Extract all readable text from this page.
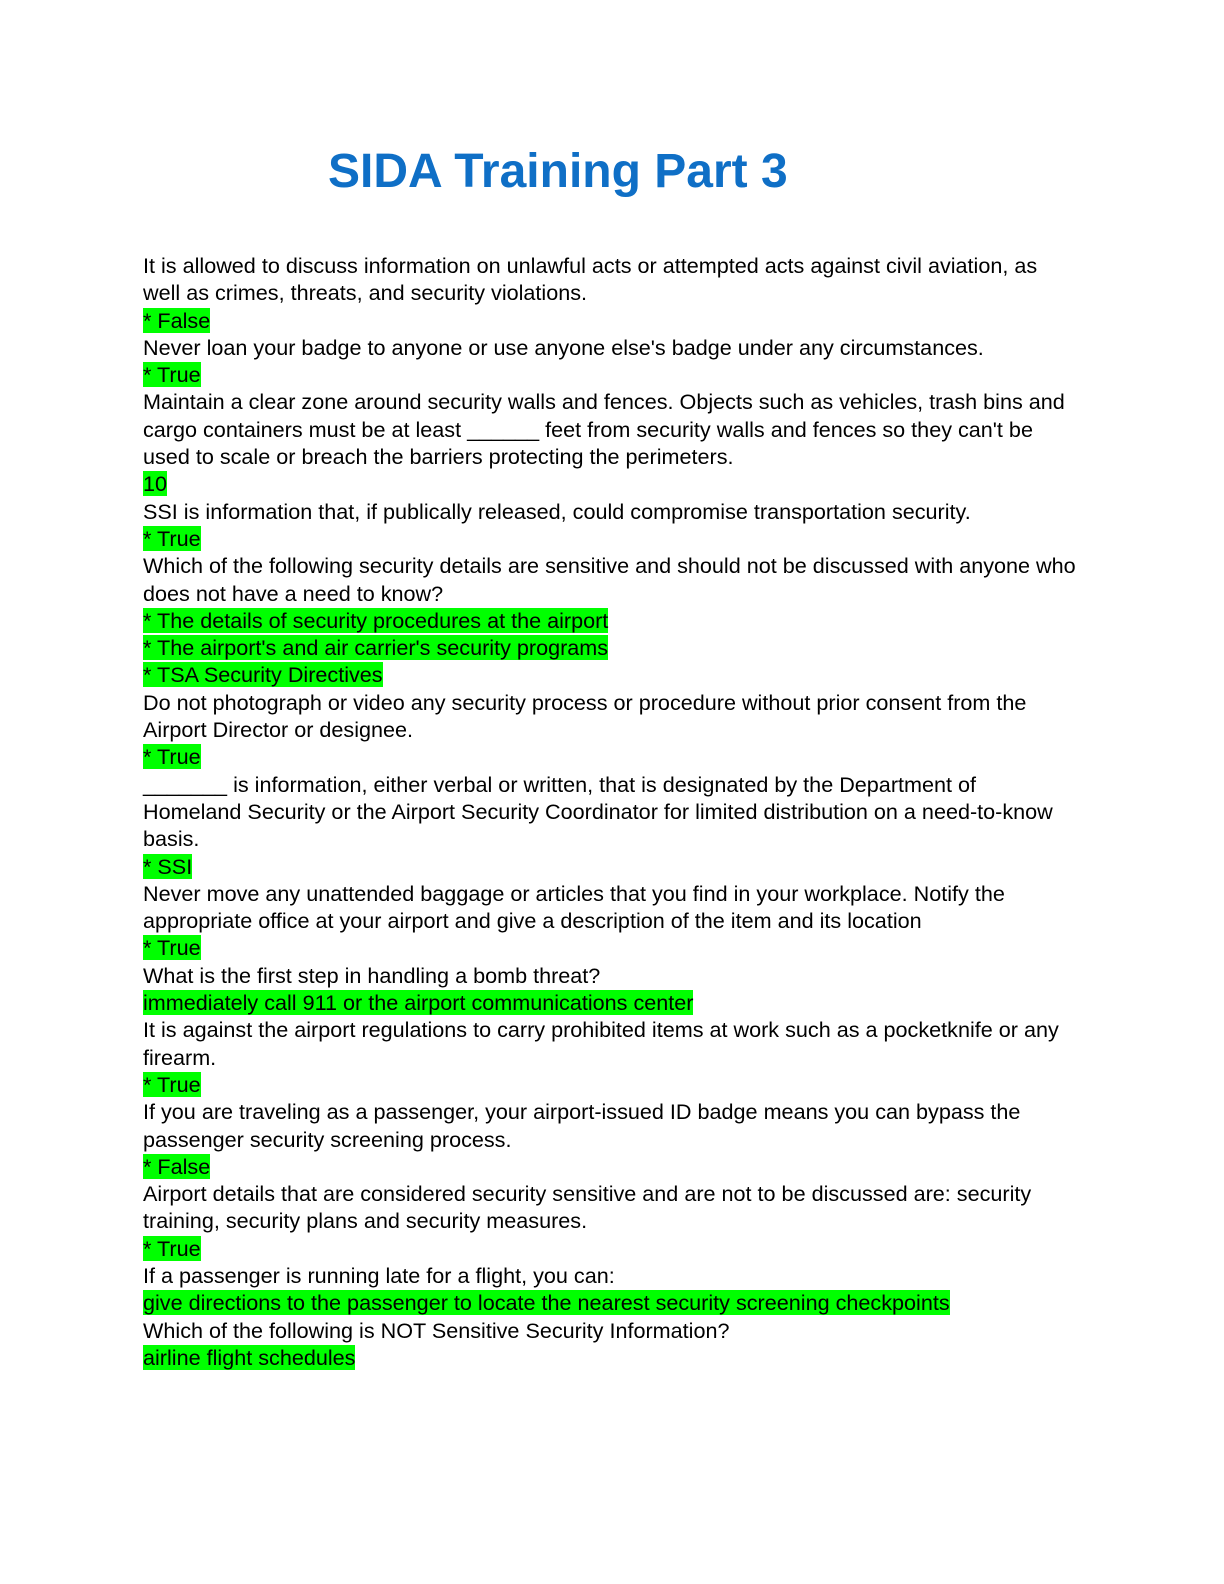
SIDA Training Part 3

It is allowed to discuss information on unlawful acts or attempted acts against civil aviation, as well as crimes, threats, and security violations.

* False

Never loan your badge to anyone or use anyone else's badge under any circumstances.

* True

Maintain a clear zone around security walls and fences. Objects such as vehicles, trash bins and cargo containers must be at least ______ feet from security walls and fences so they can't be used to scale or breach the barriers protecting the perimeters.

10

SSI is information that, if publically released, could compromise transportation security.

* True

Which of the following security details are sensitive and should not be discussed with anyone who does not have a need to know?

* The details of security procedures at the airport

* The airport's and air carrier's security programs

* TSA Security Directives

Do not photograph or video any security process or procedure without prior consent from the Airport Director or designee.

* True

_______ is information, either verbal or written, that is designated by the Department of Homeland Security or the Airport Security Coordinator for limited distribution on a need-to-know basis.

* SSI

Never move any unattended baggage or articles that you find in your workplace. Notify the appropriate office at your airport and give a description of the item and its location

* True

What is the first step in handling a bomb threat?

immediately call 911 or the airport communications center

It is against the airport regulations to carry prohibited items at work such as a pocketknife or any firearm.

* True

If you are traveling as a passenger, your airport-issued ID badge means you can bypass the passenger security screening process.

* False

Airport details that are considered security sensitive and are not to be discussed are: security training, security plans and security measures.

* True

If a passenger is running late for a flight, you can:

give directions to the passenger to locate the nearest security screening checkpoints

Which of the following is NOT Sensitive Security Information?

airline flight schedules
